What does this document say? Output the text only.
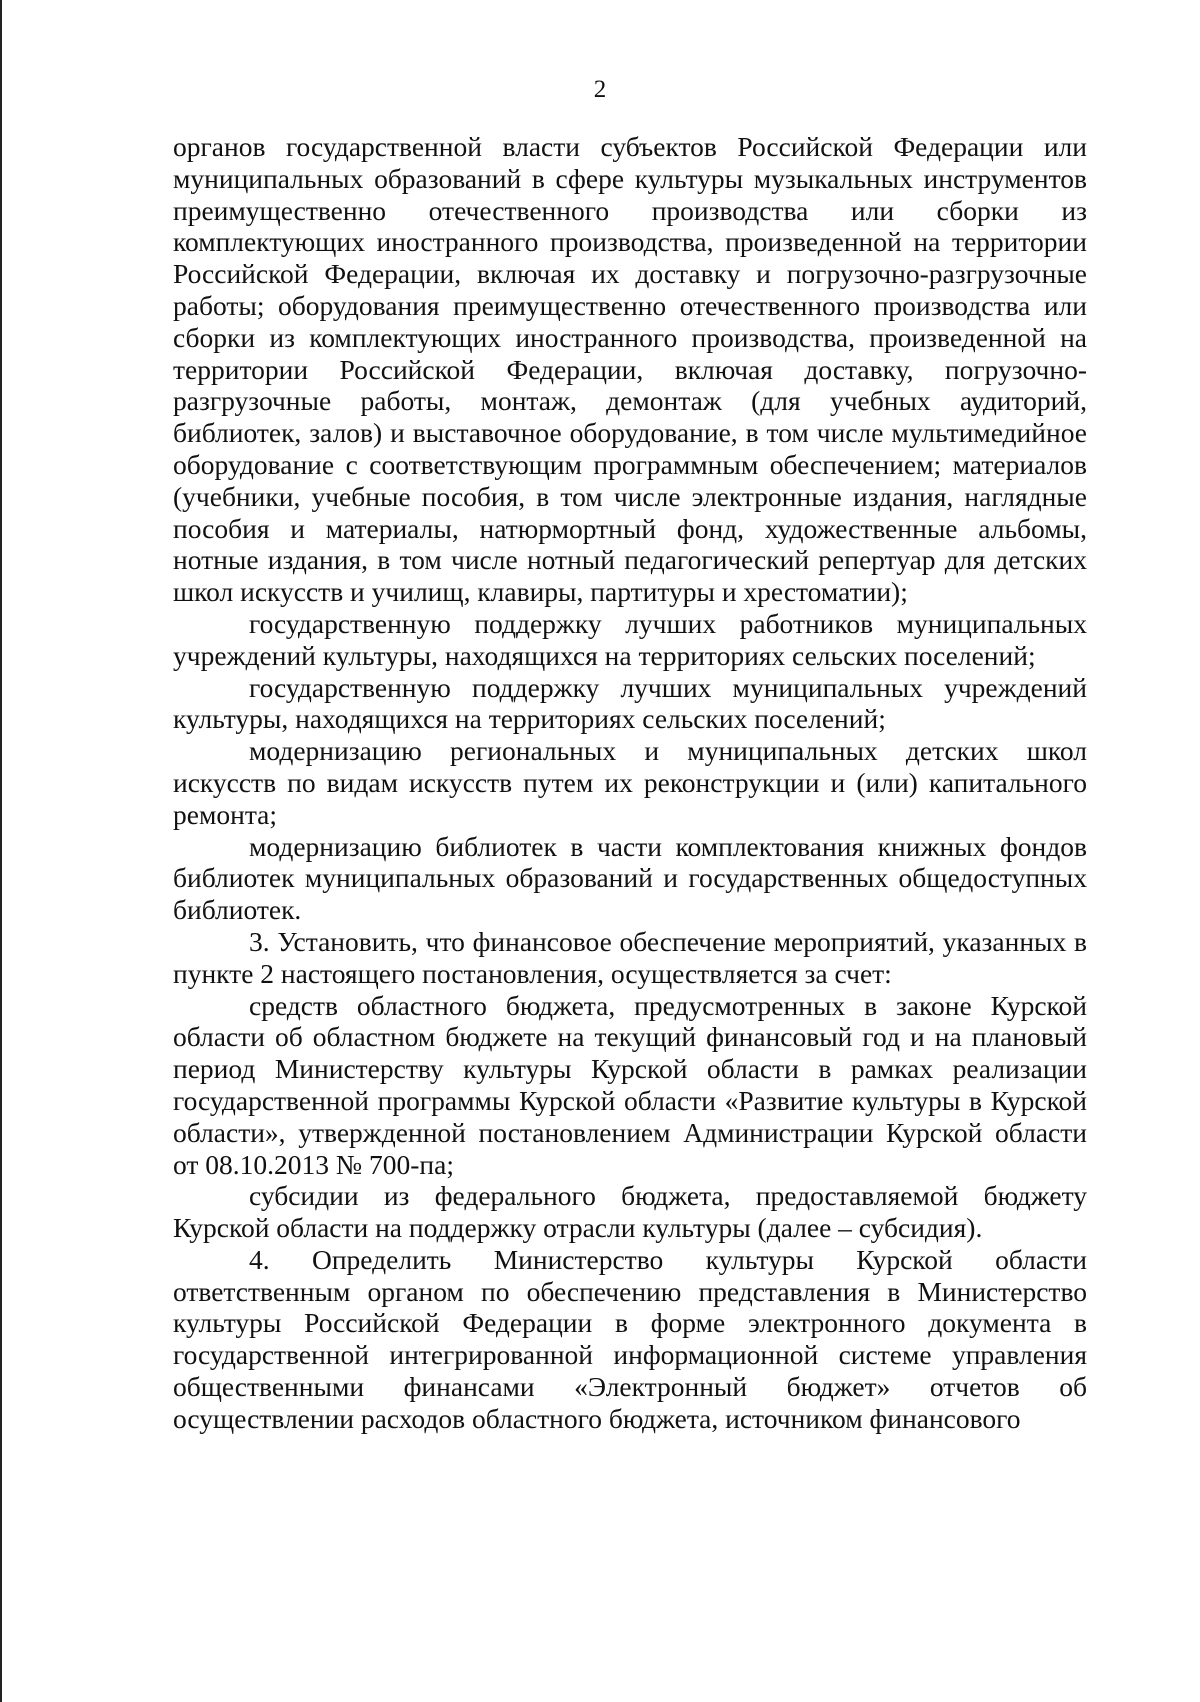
2

органов государственной власти субъектов Российской Федерации или муниципальных образований в сфере культуры музыкальных инструментов преимущественно отечественного производства или сборки из комплектующих иностранного производства, произведенной на территории Российской Федерации, включая их доставку и погрузочно-разгрузочные работы; оборудования преимущественно отечественного производства или сборки из комплектующих иностранного производства, произведенной на территории Российской Федерации, включая доставку, погрузочно-разгрузочные работы, монтаж, демонтаж (для учебных аудиторий, библиотек, залов) и выставочное оборудование, в том числе мультимедийное оборудование с соответствующим программным обеспечением; материалов (учебники, учебные пособия, в том числе электронные издания, наглядные пособия и материалы, натюрмортный фонд, художественные альбомы, нотные издания, в том числе нотный педагогический репертуар для детских школ искусств и училищ, клавиры, партитуры и хрестоматии);

государственную поддержку лучших работников муниципальных учреждений культуры, находящихся на территориях сельских поселений;

государственную поддержку лучших муниципальных учреждений культуры, находящихся на территориях сельских поселений;

модернизацию региональных и муниципальных детских школ искусств по видам искусств путем их реконструкции и (или) капитального ремонта;

модернизацию библиотек в части комплектования книжных фондов библиотек муниципальных образований и государственных общедоступных библиотек.

3. Установить, что финансовое обеспечение мероприятий, указанных в пункте 2 настоящего постановления, осуществляется за счет:

средств областного бюджета, предусмотренных в законе Курской области об областном бюджете на текущий финансовый год и на плановый период Министерству культуры Курской области в рамках реализации государственной программы Курской области «Развитие культуры в Курской области», утвержденной постановлением Администрации Курской области от 08.10.2013 № 700-па;

субсидии из федерального бюджета, предоставляемой бюджету Курской области на поддержку отрасли культуры (далее – субсидия).

4. Определить Министерство культуры Курской области ответственным органом по обеспечению представления в Министерство культуры Российской Федерации в форме электронного документа в государственной интегрированной информационной системе управления общественными финансами «Электронный бюджет» отчетов об осуществлении расходов областного бюджета, источником финансового
